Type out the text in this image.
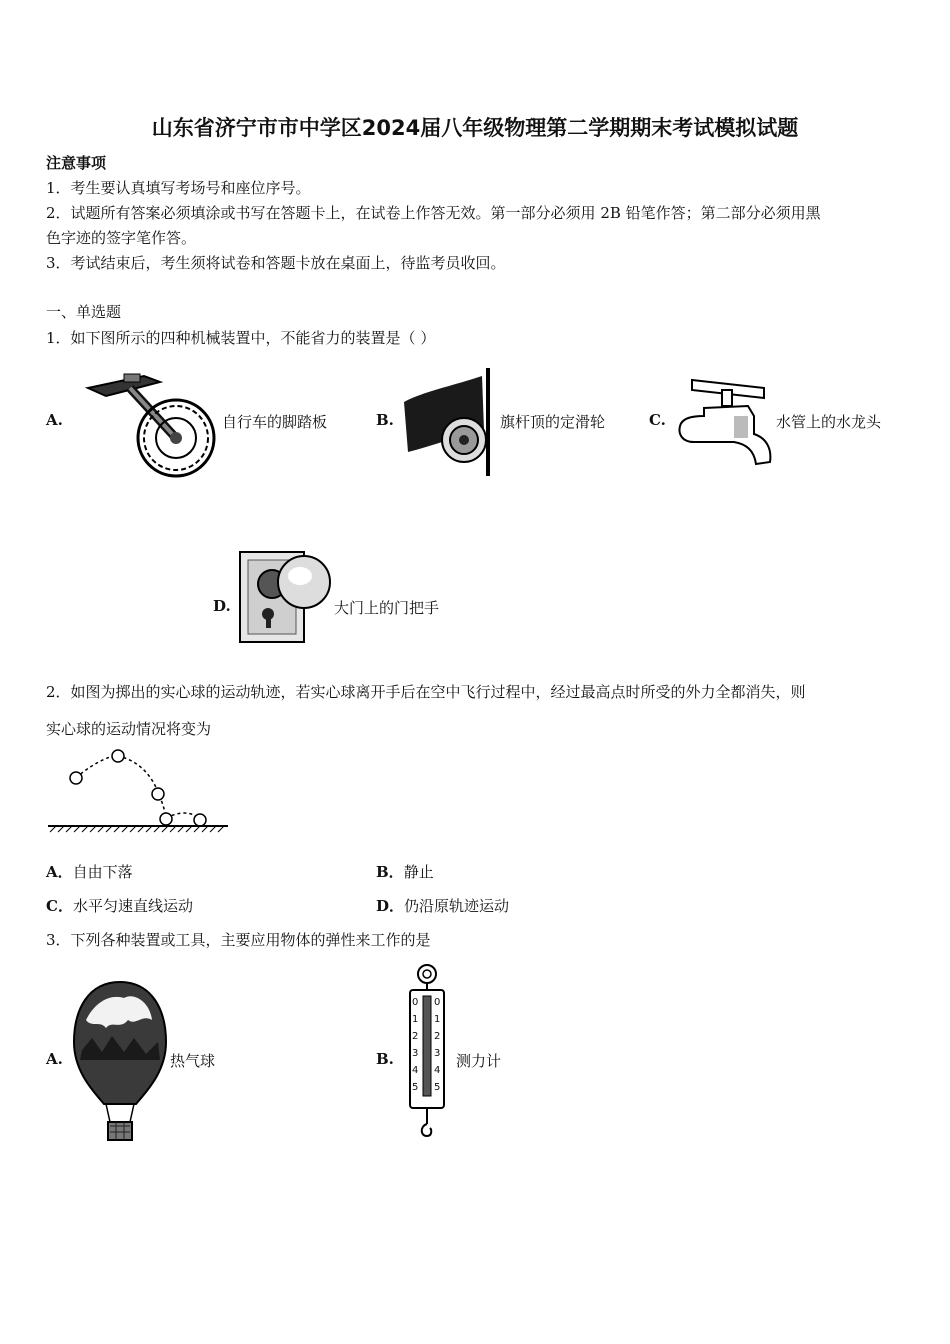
山东省济宁市市中学区2024届八年级物理第二学期期末考试模拟试题
注意事项
1．考生要认真填写考场号和座位序号。
2．试题所有答案必须填涂或书写在答题卡上，在试卷上作答无效。第一部分必须用 2B 铅笔作答；第二部分必须用黑
色字迹的签字笔作答。
3．考试结束后，考生须将试卷和答题卡放在桌面上，待监考员收回。
一、单选题
1．如下图所示的四种机械装置中，不能省力的装置是（ ）
A.	自行车的脚踏板	B.	旗杆顶的定滑轮	C.	水管上的水龙头
D.	大门上的门把手
2．如图为掷出的实心球的运动轨迹，若实心球离开手后在空中飞行过程中，经过最高点时所受的外力全都消失，则
实心球的运动情况将变为
A．自由下落	B．静止
C．水平匀速直线运动	D．仍沿原轨迹运动
3．下列各种装置或工具，主要应用物体的弹性来工作的是
A.	热气球	B.
0
1
2
3
4
5
0
1
2
3
4
5
测力计
